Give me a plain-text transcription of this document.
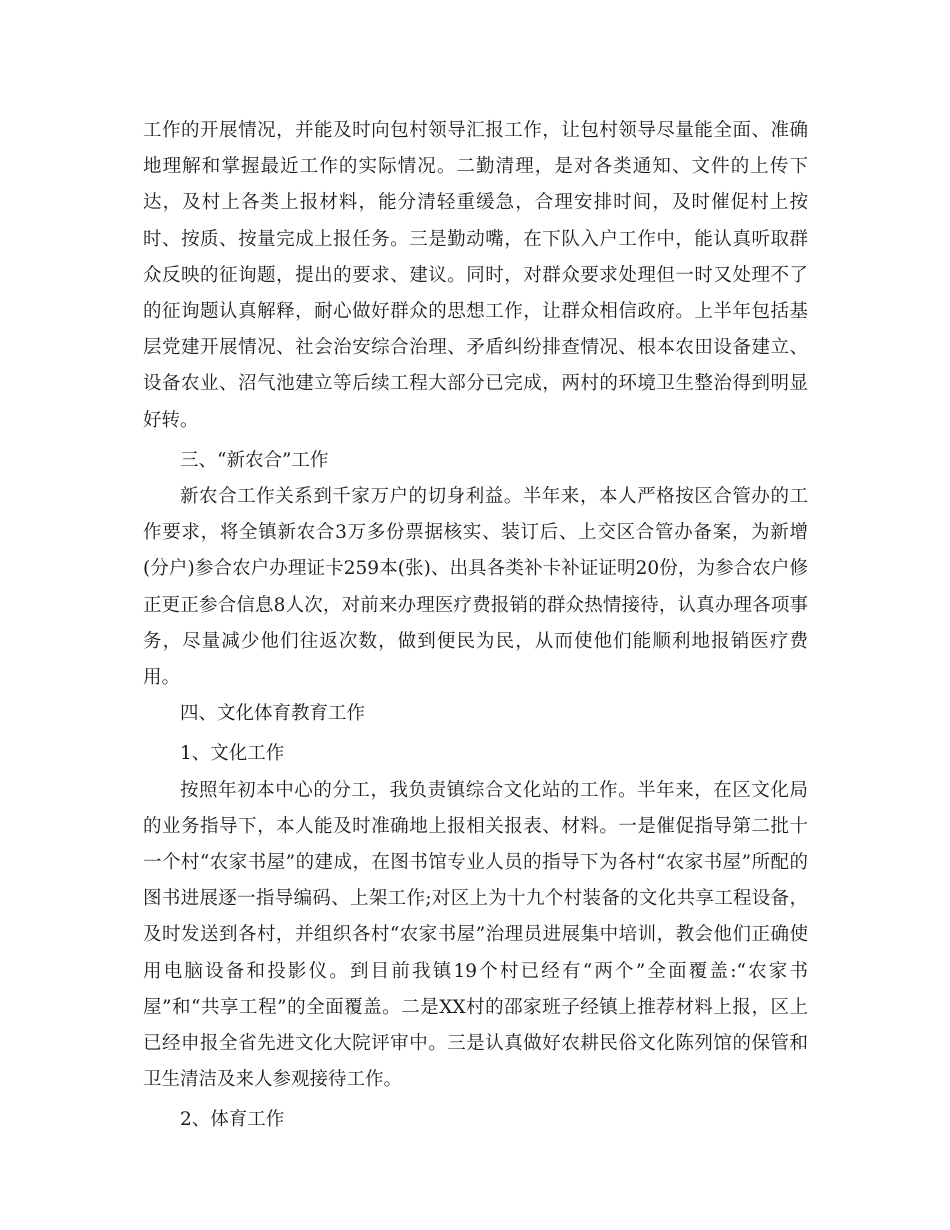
工作的开展情况，并能及时向包村领导汇报工作，让包村领导尽量能全面、准确地理解和掌握最近工作的实际情况。二勤清理，是对各类通知、文件的上传下达，及村上各类上报材料，能分清轻重缓急，合理安排时间，及时催促村上按时、按质、按量完成上报任务。三是勤动嘴，在下队入户工作中，能认真听取群众反映的征询题，提出的要求、建议。同时，对群众要求处理但一时又处理不了的征询题认真解释，耐心做好群众的思想工作，让群众相信政府。上半年包括基层党建开展情况、社会治安综合治理、矛盾纠纷排查情况、根本农田设备建立、设备农业、沼气池建立等后续工程大部分已完成，两村的环境卫生整治得到明显好转。

三、“新农合”工作

新农合工作关系到千家万户的切身利益。半年来，本人严格按区合管办的工作要求，将全镇新农合3万多份票据核实、装订后、上交区合管办备案，为新增(分户)参合农户办理证卡259本(张)、出具各类补卡补证证明20份，为参合农户修正更正参合信息8人次，对前来办理医疗费报销的群众热情接待，认真办理各项事务，尽量减少他们往返次数，做到便民为民，从而使他们能顺利地报销医疗费用。

四、文化体育教育工作

1、文化工作

按照年初本中心的分工，我负责镇综合文化站的工作。半年来，在区文化局的业务指导下，本人能及时准确地上报相关报表、材料。一是催促指导第二批十一个村“农家书屋”的建成，在图书馆专业人员的指导下为各村“农家书屋”所配的图书进展逐一指导编码、上架工作;对区上为十九个村装备的文化共享工程设备，及时发送到各村，并组织各村“农家书屋”治理员进展集中培训，教会他们正确使用电脑设备和投影仪。到目前我镇19个村已经有“两个”全面覆盖:“农家书屋”和“共享工程”的全面覆盖。二是XX村的邵家班子经镇上推荐材料上报，区上已经申报全省先进文化大院评审中。三是认真做好农耕民俗文化陈列馆的保管和卫生清洁及来人参观接待工作。

2、体育工作
